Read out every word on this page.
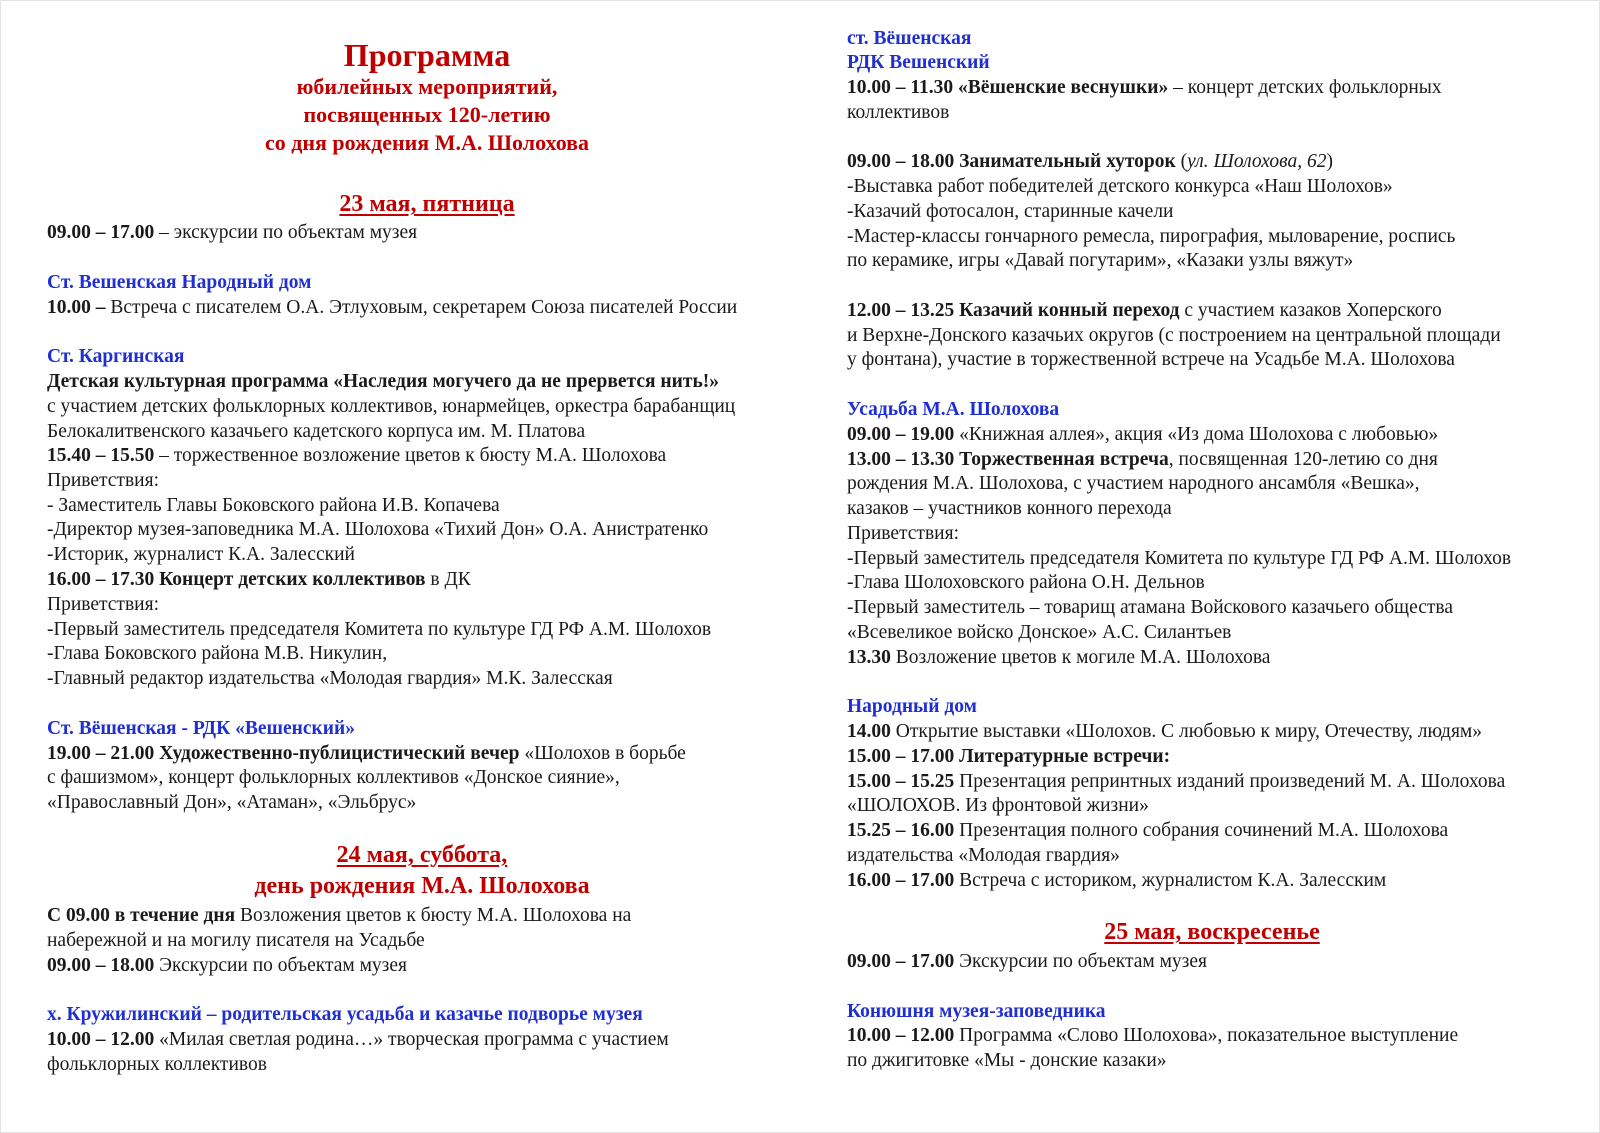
Программа
юбилейных мероприятий,
посвященных 120-летию
со дня рождения М.А. Шолохова
23 мая, пятница
09.00 – 17.00 – экскурсии по объектам музея
Ст. Вешенская Народный дом
10.00 – Встреча с писателем О.А. Этлуховым, секретарем Союза писателей России
Ст. Каргинская
Детская культурная программа «Наследия могучего да не прервется нить!»
с участием детских фольклорных коллективов, юнармейцев, оркестра барабанщиц
Белокалитвенского казачьего кадетского корпуса им. М. Платова
15.40 – 15.50 – торжественное возложение цветов к бюсту М.А. Шолохова
Приветствия:
- Заместитель Главы Боковского района И.В. Копачева
-Директор музея-заповедника М.А. Шолохова «Тихий Дон» О.А. Анистратенко
-Историк, журналист К.А. Залесский
16.00 – 17.30 Концерт детских коллективов в ДК
Приветствия:
-Первый заместитель председателя Комитета по культуре ГД РФ А.М. Шолохов
-Глава Боковского района М.В. Никулин,
-Главный редактор издательства «Молодая гвардия» М.К. Залесская
Ст. Вёшенская - РДК «Вешенский»
19.00 – 21.00 Художественно-публицистический вечер «Шолохов в борьбе
с фашизмом», концерт фольклорных коллективов «Донское сияние»,
«Православный Дон», «Атаман», «Эльбрус»
24 мая, суббота,
день рождения М.А. Шолохова
С 09.00 в течение дня Возложения цветов к бюсту М.А. Шолохова на
набережной и на могилу писателя на Усадьбе
09.00 – 18.00 Экскурсии по объектам музея
х. Кружилинский – родительская усадьба и казачье подворье музея
10.00 – 12.00 «Милая светлая родина…» творческая программа с участием
фольклорных коллективов
ст. Вёшенская
РДК Вешенский
10.00 – 11.30 «Вёшенские веснушки» – концерт детских фольклорных
коллективов
09.00 – 18.00 Занимательный хуторок (ул. Шолохова, 62)
-Выставка работ победителей детского конкурса «Наш Шолохов»
-Казачий фотосалон, старинные качели
-Мастер-классы гончарного ремесла, пирография, мыловарение, роспись
по керамике, игры «Давай погутарим», «Казаки узлы вяжут»
12.00 – 13.25 Казачий конный переход с участием казаков Хоперского
и Верхне-Донского казачьих округов (с построением на центральной площади
у фонтана), участие в торжественной встрече на Усадьбе М.А. Шолохова
Усадьба М.А. Шолохова
09.00 – 19.00 «Книжная аллея», акция «Из дома Шолохова с любовью»
13.00 – 13.30 Торжественная встреча, посвященная 120-летию со дня
рождения М.А. Шолохова, с участием народного ансамбля «Вешка»,
казаков – участников конного перехода
Приветствия:
-Первый заместитель председателя Комитета по культуре ГД РФ А.М. Шолохов
-Глава Шолоховского района О.Н. Дельнов
-Первый заместитель – товарищ атамана Войскового казачьего общества
«Всевеликое войско Донское» А.С. Силантьев
13.30 Возложение цветов к могиле М.А. Шолохова
Народный дом
14.00 Открытие выставки «Шолохов. С любовью к миру, Отечеству, людям»
15.00 – 17.00 Литературные встречи:
15.00 – 15.25 Презентация репринтных изданий произведений М. А. Шолохова
«ШОЛОХОВ. Из фронтовой жизни»
15.25 – 16.00 Презентация полного собрания сочинений М.А. Шолохова
издательства «Молодая гвардия»
16.00 – 17.00 Встреча с историком, журналистом К.А. Залесским
25 мая, воскресенье
09.00 – 17.00 Экскурсии по объектам музея
Конюшня музея-заповедника
10.00 – 12.00 Программа «Слово Шолохова», показательное выступление
по джигитовке «Мы - донские казаки»
